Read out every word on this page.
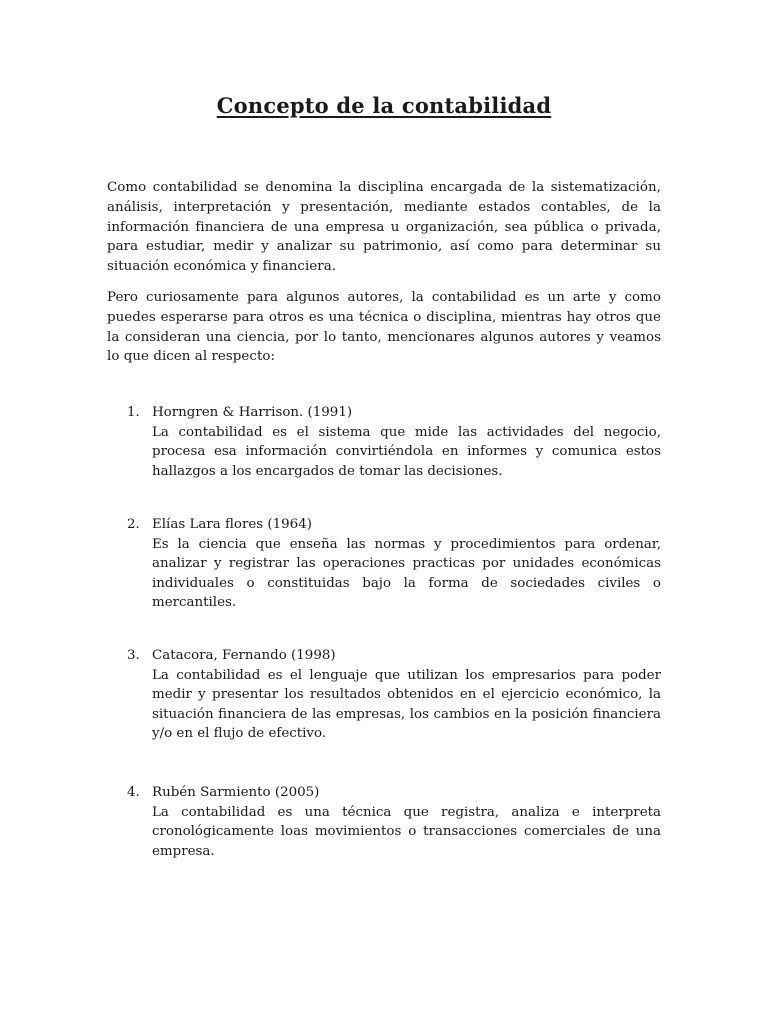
Concepto de la contabilidad

Como contabilidad se denomina la disciplina encargada de la sistematización, análisis, interpretación y presentación, mediante estados contables, de la información financiera de una empresa u organización, sea pública o privada, para estudiar, medir y analizar su patrimonio, así como para determinar su situación económica y financiera.

Pero curiosamente para algunos autores, la contabilidad es un arte y como puedes esperarse para otros es una técnica o disciplina, mientras hay otros que la consideran una ciencia, por lo tanto, mencionares algunos autores y veamos lo que dicen al respecto:

1. Horngren & Harrison. (1991)

La contabilidad es el sistema que mide las actividades del negocio, procesa esa información convirtiéndola en informes y comunica estos hallazgos a los encargados de tomar las decisiones.

2. Elías Lara flores (1964)

Es la ciencia que enseña las normas y procedimientos para ordenar, analizar y registrar las operaciones practicas por unidades económicas individuales o constituidas bajo la forma de sociedades civiles o mercantiles.

3. Catacora, Fernando (1998)

La contabilidad es el lenguaje que utilizan los empresarios para poder medir y presentar los resultados obtenidos en el ejercicio económico, la situación financiera de las empresas, los cambios en la posición financiera y/o en el flujo de efectivo.

4. Rubén Sarmiento (2005)

La contabilidad es una técnica que registra, analiza e interpreta cronológicamente loas movimientos o transacciones comerciales de una empresa.
